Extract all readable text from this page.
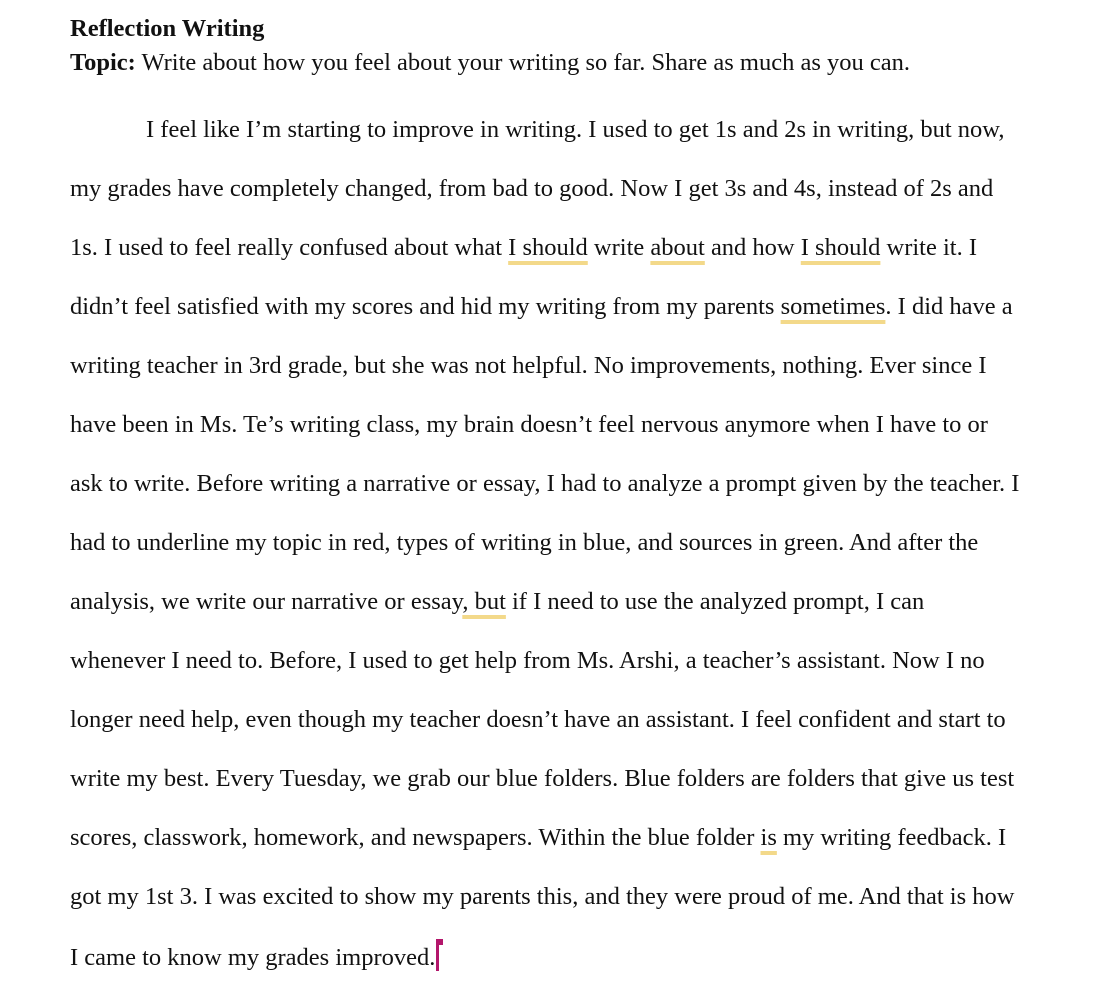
Reflection Writing

Topic: Write about how you feel about your writing so far. Share as much as you can.

I feel like I’m starting to improve in writing. I used to get 1s and 2s in writing, but now,
my grades have completely changed, from bad to good. Now I get 3s and 4s, instead of 2s and
1s. I used to feel really confused about what I should write about and how I should write it. I
didn’t feel satisfied with my scores and hid my writing from my parents sometimes. I did have a
writing teacher in 3rd grade, but she was not helpful. No improvements, nothing. Ever since I
have been in Ms. Te’s writing class, my brain doesn’t feel nervous anymore when I have to or
ask to write. Before writing a narrative or essay, I had to analyze a prompt given by the teacher. I
had to underline my topic in red, types of writing in blue, and sources in green. And after the
analysis, we write our narrative or essay, but if I need to use the analyzed prompt, I can
whenever I need to. Before, I used to get help from Ms. Arshi, a teacher’s assistant. Now I no
longer need help, even though my teacher doesn’t have an assistant. I feel confident and start to
write my best. Every Tuesday, we grab our blue folders. Blue folders are folders that give us test
scores, classwork, homework, and newspapers. Within the blue folder is my writing feedback. I
got my 1st 3. I was excited to show my parents this, and they were proud of me. And that is how
I came to know my grades improved.
